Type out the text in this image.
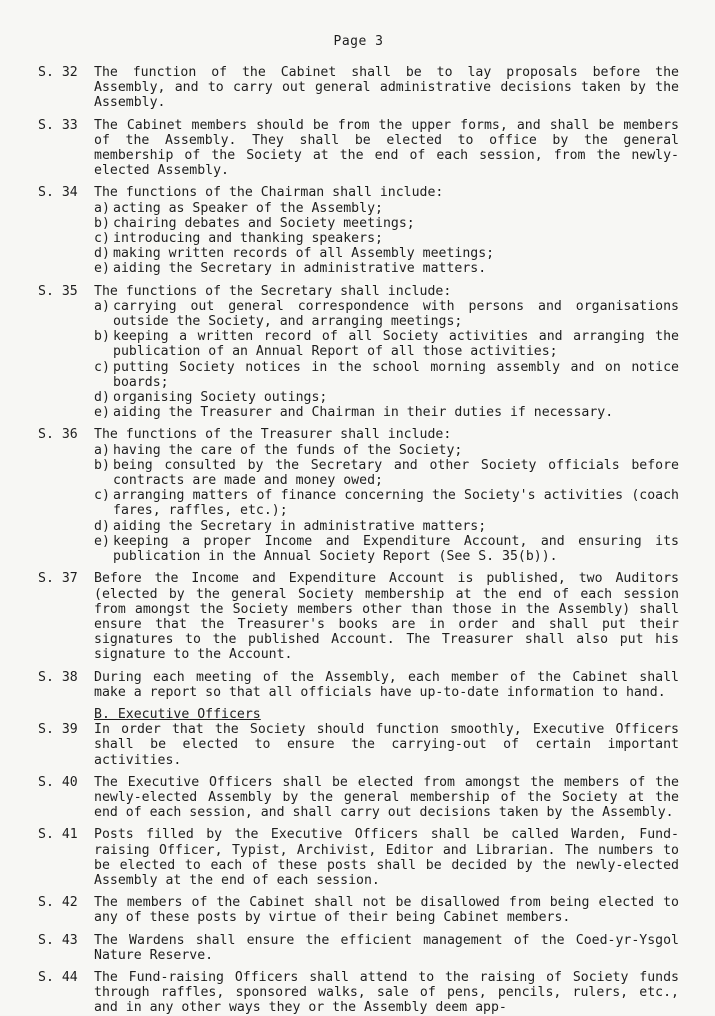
Page 3
S. 32	The function of the Cabinet shall be to lay proposals before the Assembly, and to carry out general administrative decisions taken by the Assembly.
S. 33	The Cabinet members should be from the upper forms, and shall be members of the Assembly. They shall be elected to office by the general membership of the Society at the end of each session, from the newly-elected Assembly.
S. 34	The functions of the Chairman shall include:
a) acting as Speaker of the Assembly;
b) chairing debates and Society meetings;
c) introducing and thanking speakers;
d) making written records of all Assembly meetings;
e) aiding the Secretary in administrative matters.
S. 35	The functions of the Secretary shall include:
a) carrying out general correspondence with persons and organisations outside the Society, and arranging meetings;
b) keeping a written record of all Society activities and arranging the publication of an Annual Report of all those activities;
c) putting Society notices in the school morning assembly and on notice boards;
d) organising Society outings;
e) aiding the Treasurer and Chairman in their duties if necessary.
S. 36	The functions of the Treasurer shall include:
a) having the care of the funds of the Society;
b) being consulted by the Secretary and other Society officials before contracts are made and money owed;
c) arranging matters of finance concerning the Society's activities (coach fares, raffles, etc.);
d) aiding the Secretary in administrative matters;
e) keeping a proper Income and Expenditure Account, and ensuring its publication in the Annual Society Report (See S. 35(b)).
S. 37	Before the Income and Expenditure Account is published, two Auditors (elected by the general Society membership at the end of each session from amongst the Society members other than those in the Assembly) shall ensure that the Treasurer's books are in order and shall put their signatures to the published Account. The Treasurer shall also put his signature to the Account.
S. 38	During each meeting of the Assembly, each member of the Cabinet shall make a report so that all officials have up-to-date information to hand.
B. Executive Officers
S. 39	In order that the Society should function smoothly, Executive Officers shall be elected to ensure the carrying-out of certain important activities.
S. 40	The Executive Officers shall be elected from amongst the members of the newly-elected Assembly by the general membership of the Society at the end of each session, and shall carry out decisions taken by the Assembly.
S. 41	Posts filled by the Executive Officers shall be called Warden, Fund-raising Officer, Typist, Archivist, Editor and Librarian. The numbers to be elected to each of these posts shall be decided by the newly-elected Assembly at the end of each session.
S. 42	The members of the Cabinet shall not be disallowed from being elected to any of these posts by virtue of their being Cabinet members.
S. 43	The Wardens shall ensure the efficient management of the Coed-yr-Ysgol Nature Reserve.
S. 44	The Fund-raising Officers shall attend to the raising of Society funds through raffles, sponsored walks, sale of pens, pencils, rulers, etc., and in any other ways they or the Assembly deem app-
